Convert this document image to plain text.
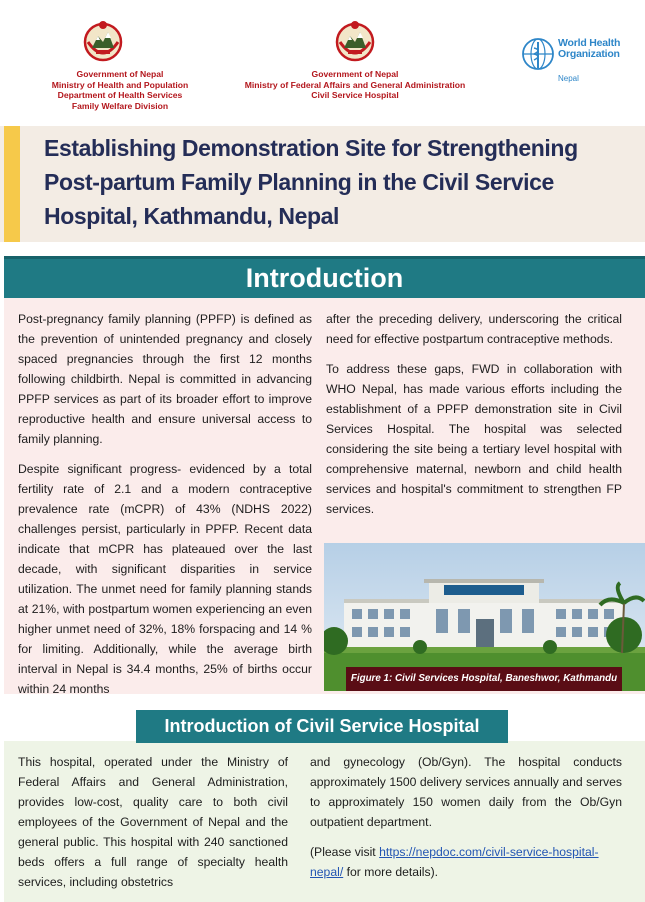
Government of Nepal
Ministry of Health and Population
Department of Health Services
Family Welfare Division
Government of Nepal
Ministry of Federal Affairs and General Administration
Civil Service Hospital
World Health
Organization
Nepal
Establishing Demonstration Site for Strengthening
Post-partum Family Planning in the Civil Service
Hospital, Kathmandu, Nepal
Introduction

Post-pregnancy family planning (PPFP) is defined as the prevention of unintended pregnancy and closely spaced pregnancies through the first 12 months following childbirth. Nepal is committed in advancing PPFP services as part of its broader effort to improve reproductive health and ensure universal access to family planning.

Despite significant progress- evidenced by a total fertility rate of 2.1 and a modern contraceptive prevalence rate (mCPR) of 43% (NDHS 2022) challenges persist, particularly in PPFP. Recent data indicate that mCPR has plateaued over the last decade, with significant disparities in service utilization. The unmet need for family planning stands at 21%, with postpartum women experiencing an even higher unmet need of 32%, 18% forspacing and 14 % for limiting. Additionally, while the average birth interval in Nepal is 34.4 months, 25% of births occur within 24 months

after the preceding delivery, underscoring the critical need for effective postpartum contraceptive methods.

To address these gaps, FWD in collaboration with WHO Nepal, has made various efforts including the establishment of a PPFP demonstration site in Civil Services Hospital. The hospital was selected considering the site being a tertiary level hospital with comprehensive maternal, newborn and child health services and hospital's commitment to strengthen FP services.

Figure 1: Civil Services Hospital, Baneshwor, Kathmandu
Introduction of Civil Service Hospital

This hospital, operated under the Ministry of Federal Affairs and General Administration, provides low-cost, quality care to both civil employees of the Government of Nepal and the general public. This hospital with 240 sanctioned beds offers a full range of specialty health services, including obstetrics

and gynecology (Ob/Gyn). The hospital conducts approximately 1500 delivery services annually and serves to approximately 150 women daily from the Ob/Gyn outpatient department.

(Please visit https://nepdoc.com/civil-service-hospital-nepal/ for more details).
